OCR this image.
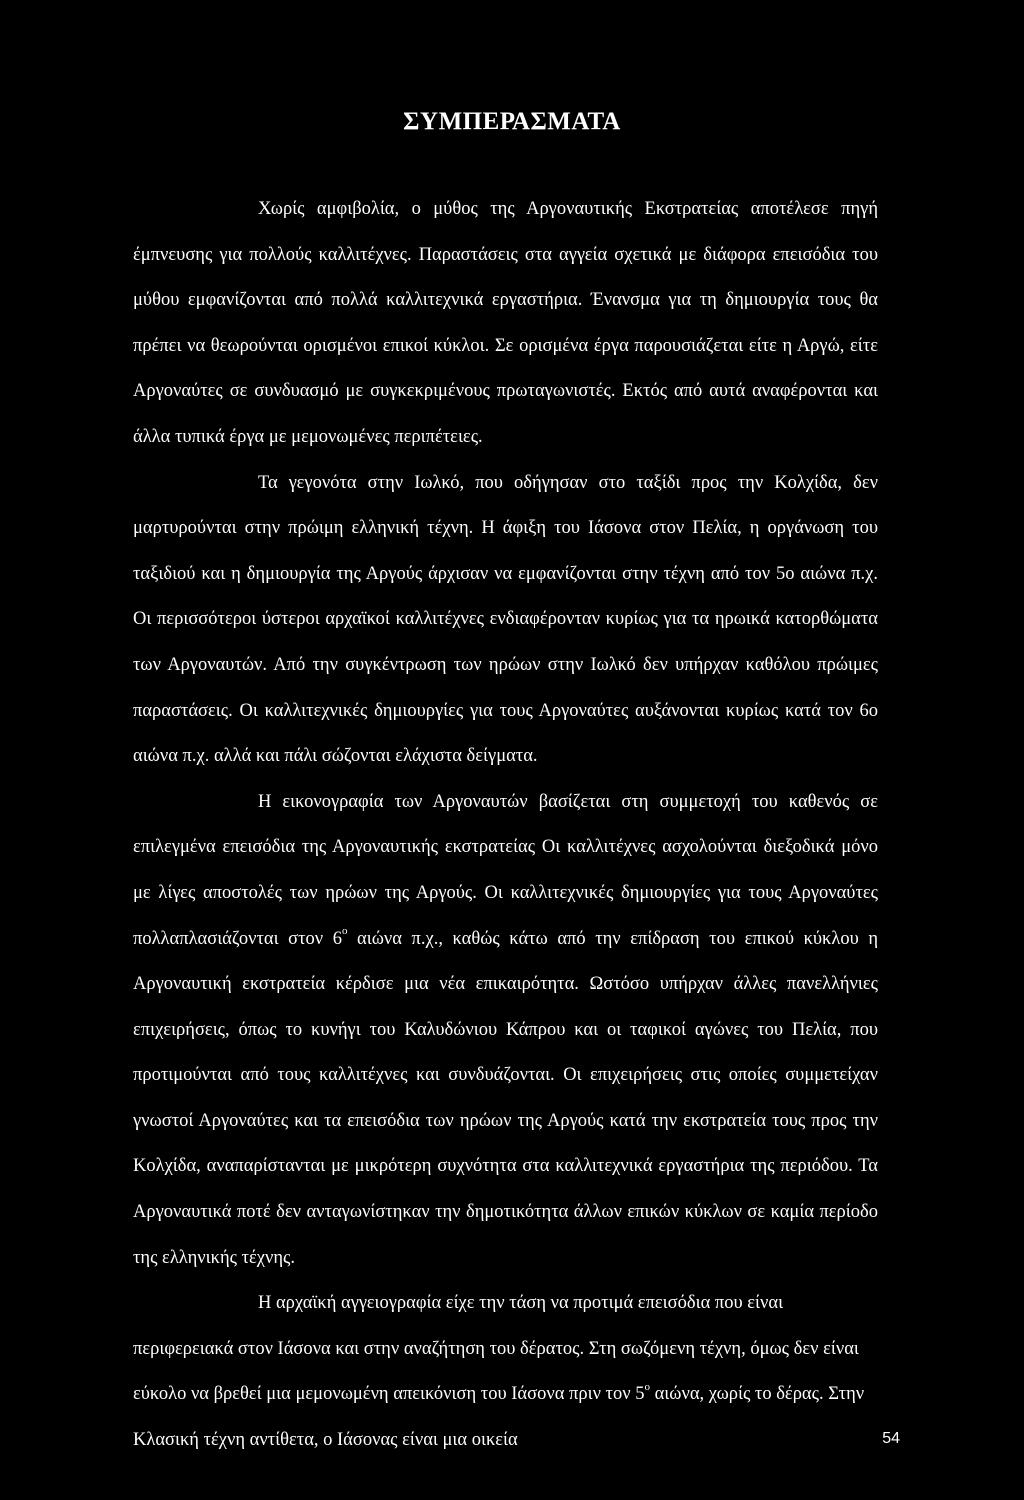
ΣΥΜΠΕΡΑΣΜΑΤΑ

Χωρίς αμφιβολία, ο μύθος της Αργοναυτικής Εκστρατείας αποτέλεσε πηγή έμπνευσης για πολλούς καλλιτέχνες. Παραστάσεις στα αγγεία σχετικά με διάφορα επεισόδια του μύθου εμφανίζονται από πολλά καλλιτεχνικά εργαστήρια. Ένανσμα για τη δημιουργία τους θα πρέπει να θεωρούνται ορισμένοι επικοί κύκλοι. Σε ορισμένα έργα παρουσιάζεται είτε η Αργώ, είτε Αργοναύτες σε συνδυασμό με συγκεκριμένους πρωταγωνιστές. Εκτός από αυτά αναφέρονται και άλλα τυπικά έργα με μεμονωμένες περιπέτειες.

Τα γεγονότα στην Ιωλκό, που οδήγησαν στο ταξίδι προς την Κολχίδα, δεν μαρτυρούνται στην πρώιμη ελληνική τέχνη. Η άφιξη του Ιάσονα στον Πελία, η οργάνωση του ταξιδιού και η δημιουργία της Αργούς άρχισαν να εμφανίζονται στην τέχνη από τον 5ο αιώνα π.χ. Οι περισσότεροι ύστεροι αρχαϊκοί καλλιτέχνες ενδιαφέρονταν κυρίως για τα ηρωικά κατορθώματα των Αργοναυτών. Από την συγκέντρωση των ηρώων στην Ιωλκό δεν υπήρχαν καθόλου πρώιμες παραστάσεις. Οι καλλιτεχνικές δημιουργίες για τους Αργοναύτες αυξάνονται κυρίως κατά τον 6ο αιώνα π.χ. αλλά και πάλι σώζονται ελάχιστα δείγματα.

Η εικονογραφία των Αργοναυτών βασίζεται στη συμμετοχή του καθενός σε επιλεγμένα επεισόδια της Αργοναυτικής εκστρατείας Οι καλλιτέχνες ασχολούνται διεξοδικά μόνο με λίγες αποστολές των ηρώων της Αργούς. Οι καλλιτεχνικές δημιουργίες για τους Αργοναύτες πολλαπλασιάζονται στον $6^o$ αιώνα π.χ., καθώς κάτω από την επίδραση του επικού κύκλου η Αργοναυτική εκστρατεία κέρδισε μια νέα επικαιρότητα. Ωστόσο υπήρχαν άλλες πανελλήνιες επιχειρήσεις, όπως το κυνήγι του Καλυδώνιου Κάπρου και οι ταφικοί αγώνες του Πελία, που προτιμούνται από τους καλλιτέχνες και συνδυάζονται. Οι επιχειρήσεις στις οποίες συμμετείχαν γνωστοί Αργοναύτες και τα επεισόδια των ηρώων της Αργούς κατά την εκστρατεία τους προς την Κολχίδα, αναπαρίστανται με μικρότερη συχνότητα στα καλλιτεχνικά εργαστήρια της περιόδου. Τα Αργοναυτικά ποτέ δεν ανταγωνίστηκαν την δημοτικότητα άλλων επικών κύκλων σε καμία περίοδο της ελληνικής τέχνης.

Η αρχαϊκή αγγειογραφία είχε την τάση να προτιμά επεισόδια που είναι περιφερειακά στον Ιάσονα και στην αναζήτηση του δέρατος. Στη σωζόμενη τέχνη, όμως δεν είναι εύκολο να βρεθεί μια μεμονωμένη απεικόνιση του Ιάσονα πριν τον $5^o$ αιώνα, χωρίς το δέρας. Στην Κλασική τέχνη αντίθετα, ο Ιάσονας είναι μια οικεία	54
